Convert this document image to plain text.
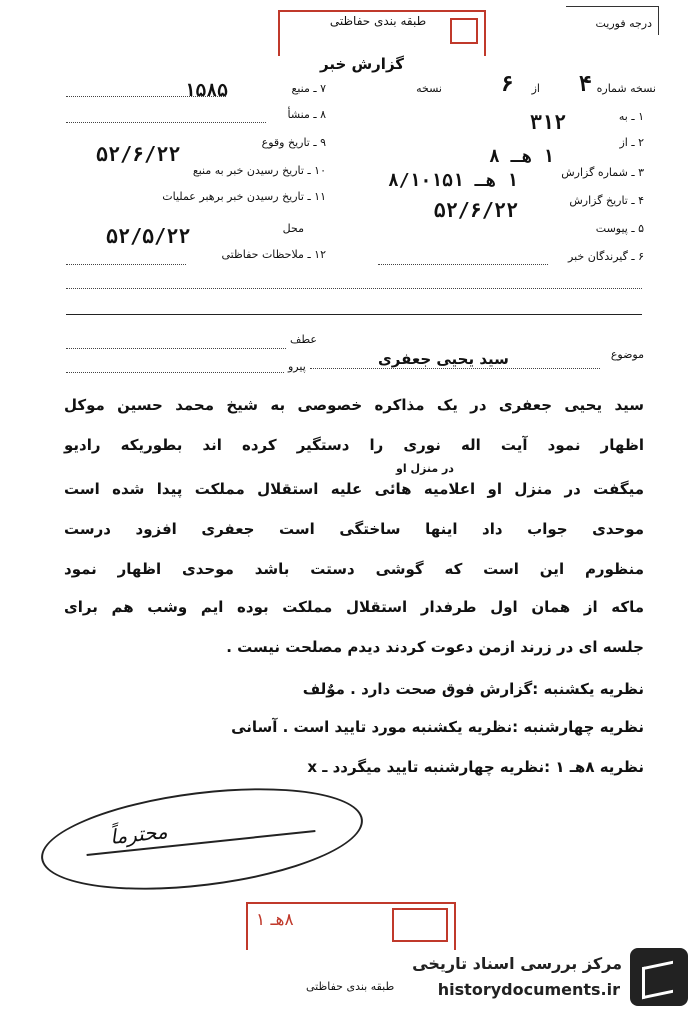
طبقه بندی حفاظتی	درجه فوریت
گزارش خبر
نسخه شماره
۴
از
۶
نسخه
۱ ـ به
۳۱۲
۲ ـ از
۱ هـ ۸
۳ ـ شماره گزارش
۱ هـ ۸/۱۰۱۵۱
۴ ـ تاریخ گزارش
۵۲/۶/۲۲
۵ ـ پیوست
۶ ـ گیرندگان خبر
۷ ـ منبع
۱۵۸۵
۸ ـ منشأ
۹ ـ تاریخ وقوع
۵۲/۶/۲۲
۱۰ ـ تاریخ رسیدن خبر به منبع
۱۱ ـ تاریخ رسیدن خبر برهبر عملیات
محل
۵۲/۵/۲۲
۱۲ ـ ملاحظات حفاظتی
عطف
موضوع
سید یحیی جعفری
پیرو
سید یحیی جعفری در یک مذاکره خصوصی به شیخ محمد حسین موکل
اظهار نمود آیت اله نوری را دستگیر کرده اند بطوریکه رادیو
در منزل او
میگفت در منزل او اعلامیه هائی علیه استقلال مملکت پیدا شده است
موحدی جواب داد اینها ساختگی است جعفری افزود درست
منظورم این است که گوشی دستت باشد موحدی اظهار نمود
ماکه از همان اول طرفدار استقلال مملکت بوده ایم وشب هم برای
جلسه ای در زرند ازمن دعوت کردند دیدم مصلحت نیست .
نظریه یکشنبه :گزارش فوق صحت دارد . موٌلف
نظریه چهارشنبه :نظریه یکشنبه مورد تایید است . آسانی
نظریه ۸هـ ۱ :نظریه چهارشنبه تایید میگردد ـ x
محترماً
۸هـ ۱
طبقه بندی حفاظتی
مرکز بررسی اسناد تاریخی
historydocuments.ir
